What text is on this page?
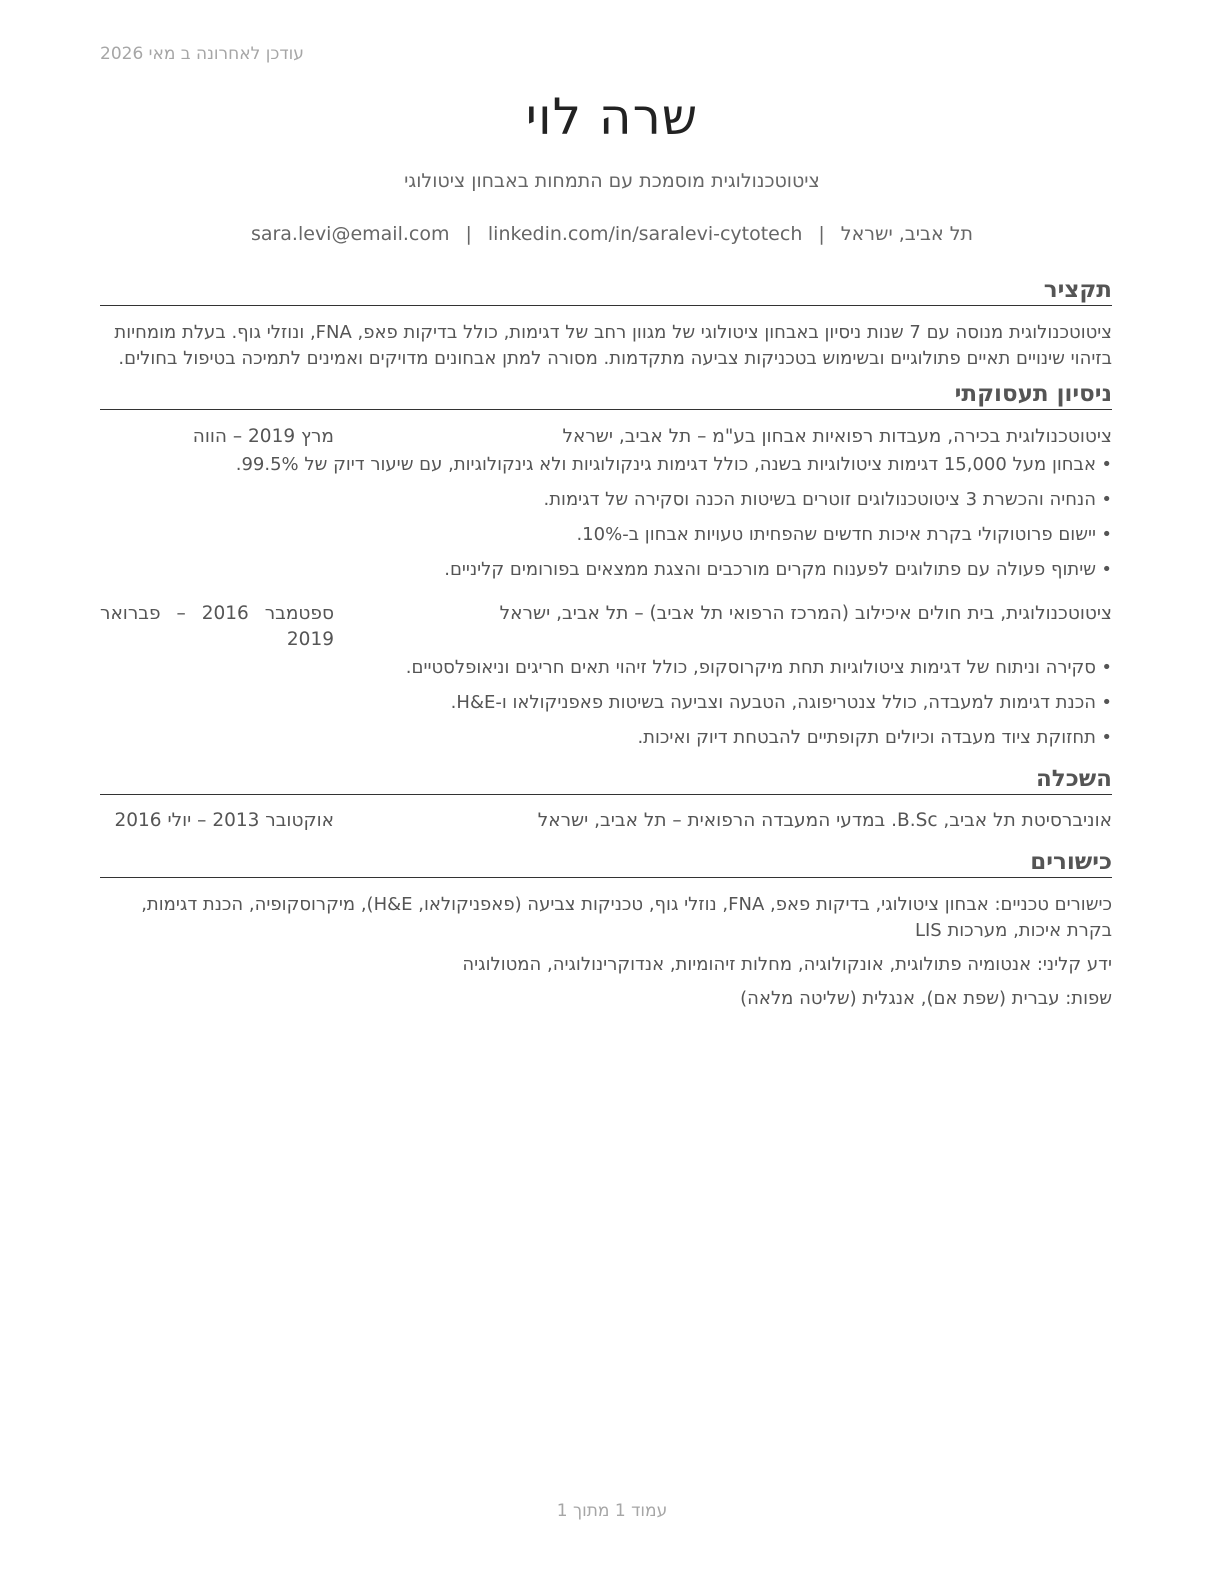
עודכן לאחרונה ב מאי 2026
שרה לוי
ציטוטכנולוגית מוסמכת עם התמחות באבחון ציטולוגי
תל אביב, ישראל|sara.levi@email.com | linkedin.com/in/saralevi-cytotech
תקציר

ציטוטכנולוגית מנוסה עם 7 שנות ניסיון באבחון ציטולוגי של מגוון רחב של דגימות, כולל בדיקות פאפ, FNA, ונוזלי גוף. בעלת מומחיות בזיהוי שינויים תאיים פתולוגיים ובשימוש בטכניקות צביעה מתקדמות. מסורה למתן אבחונים מדויקים ואמינים לתמיכה בטיפול בחולים.

ניסיון תעסוקתי
ציטוטכנולוגית בכירה, מעבדות רפואיות אבחון בע"מ – תל אביב, ישראל
מרץ 2019 – הווה
• אבחון מעל 15,000 דגימות ציטולוגיות בשנה, כולל דגימות גינקולוגיות ולא גינקולוגיות, עם שיעור דיוק של 99.5%.
• הנחיה והכשרת 3 ציטוטכנולוגים זוטרים בשיטות הכנה וסקירה של דגימות.
• יישום פרוטוקולי בקרת איכות חדשים שהפחיתו טעויות אבחון ב-10%.
• שיתוף פעולה עם פתולוגים לפענוח מקרים מורכבים והצגת ממצאים בפורומים קליניים.
ציטוטכנולוגית, בית חולים איכילוב (המרכז הרפואי תל אביב) – תל אביב, ישראל
ספטמבר 2016 – פברואר 2019
• סקירה וניתוח של דגימות ציטולוגיות תחת מיקרוסקופ, כולל זיהוי תאים חריגים וניאופלסטיים.
• הכנת דגימות למעבדה, כולל צנטריפוגה, הטבעה וצביעה בשיטות פאפניקולאו ו-H&E.
• תחזוקת ציוד מעבדה וכיולים תקופתיים להבטחת דיוק ואיכות.
השכלה
אוניברסיטת תל אביב, B.Sc. במדעי המעבדה הרפואית – תל אביב, ישראל
אוקטובר 2013 – יולי 2016
כישורים

כישורים טכניים: אבחון ציטולוגי, בדיקות פאפ, FNA, נוזלי גוף, טכניקות צביעה (פאפניקולאו, H&E), מיקרוסקופיה, הכנת דגימות, בקרת איכות, מערכות LIS

ידע קליני: אנטומיה פתולוגית, אונקולוגיה, מחלות זיהומיות, אנדוקרינולוגיה, המטולוגיה

שפות: עברית (שפת אם), אנגלית (שליטה מלאה)

עמוד 1 מתוך 1
